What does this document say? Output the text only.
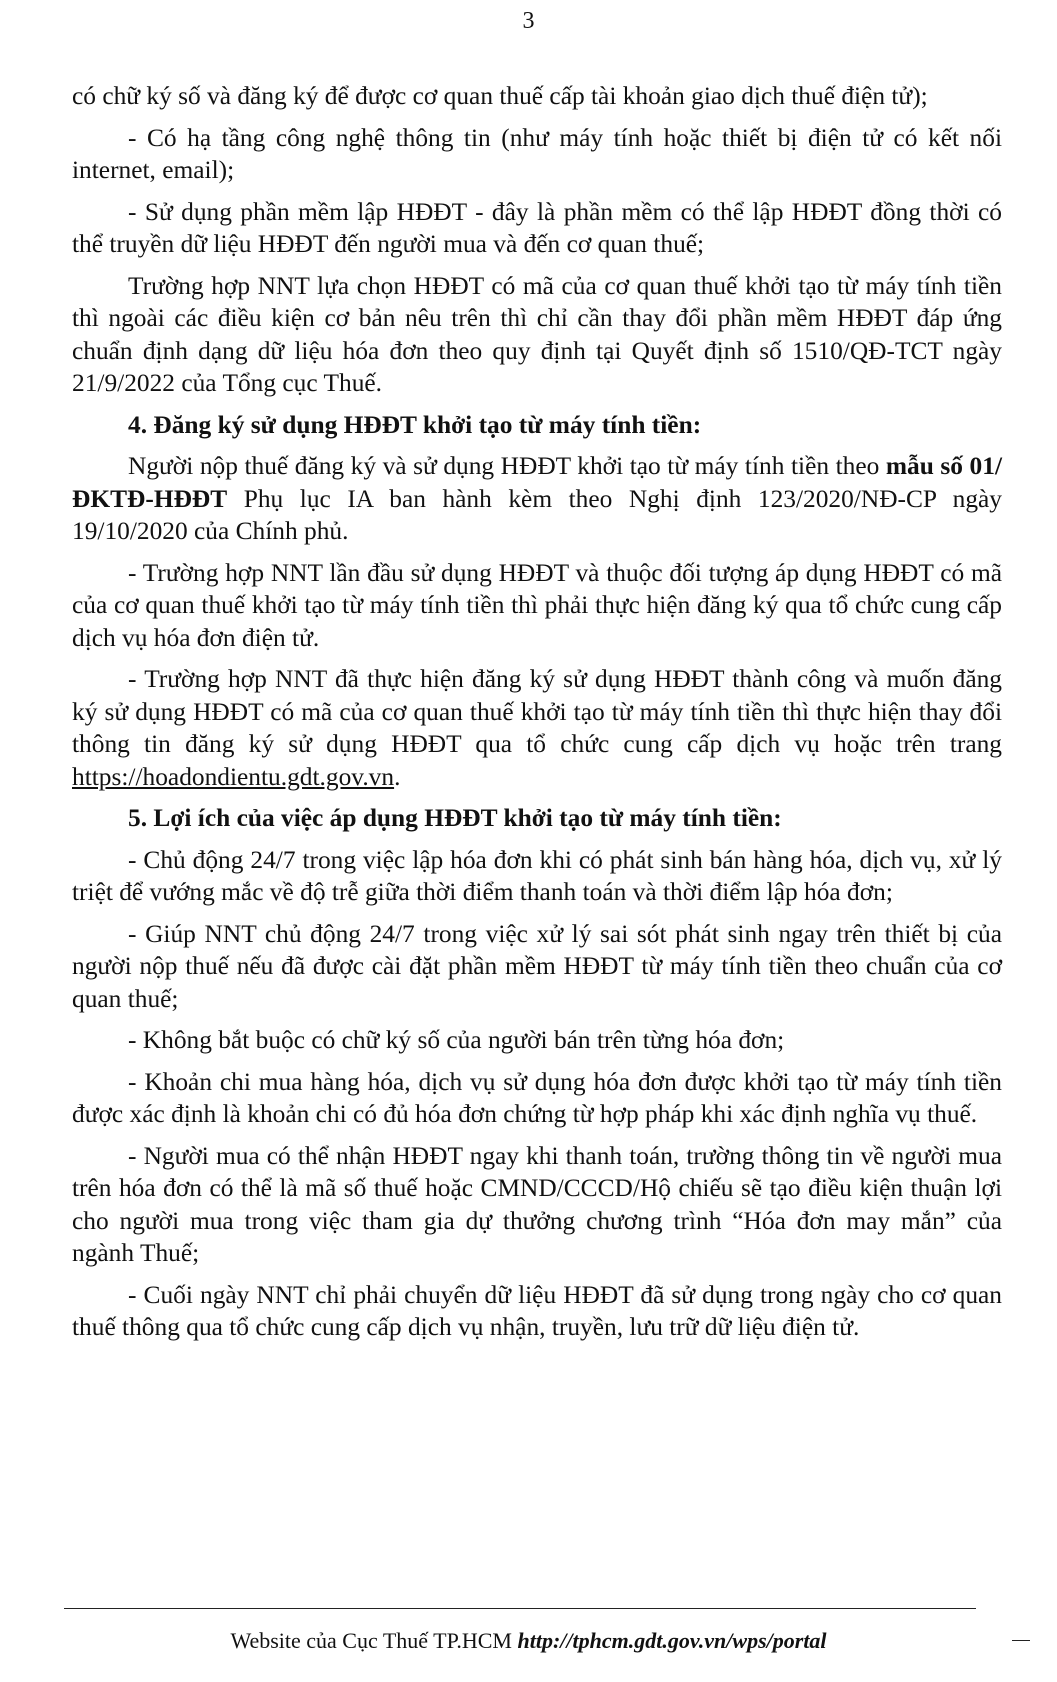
3

có chữ ký số và đăng ký để được cơ quan thuế cấp tài khoản giao dịch thuế điện tử);

- Có hạ tầng công nghệ thông tin (như máy tính hoặc thiết bị điện tử có kết nối internet, email);

- Sử dụng phần mềm lập HĐĐT - đây là phần mềm có thể lập HĐĐT đồng thời có thể truyền dữ liệu HĐĐT đến người mua và đến cơ quan thuế;

Trường hợp NNT lựa chọn HĐĐT có mã của cơ quan thuế khởi tạo từ máy tính tiền thì ngoài các điều kiện cơ bản nêu trên thì chỉ cần thay đổi phần mềm HĐĐT đáp ứng chuẩn định dạng dữ liệu hóa đơn theo quy định tại Quyết định số 1510/QĐ-TCT ngày 21/9/2022 của Tổng cục Thuế.

4. Đăng ký sử dụng HĐĐT khởi tạo từ máy tính tiền:

Người nộp thuế đăng ký và sử dụng HĐĐT khởi tạo từ máy tính tiền theo mẫu số 01/ĐKTĐ-HĐĐT Phụ lục IA ban hành kèm theo Nghị định 123/2020/NĐ-CP ngày 19/10/2020 của Chính phủ.

- Trường hợp NNT lần đầu sử dụng HĐĐT và thuộc đối tượng áp dụng HĐĐT có mã của cơ quan thuế khởi tạo từ máy tính tiền thì phải thực hiện đăng ký qua tổ chức cung cấp dịch vụ hóa đơn điện tử.

- Trường hợp NNT đã thực hiện đăng ký sử dụng HĐĐT thành công và muốn đăng ký sử dụng HĐĐT có mã của cơ quan thuế khởi tạo từ máy tính tiền thì thực hiện thay đổi thông tin đăng ký sử dụng HĐĐT qua tổ chức cung cấp dịch vụ hoặc trên trang https://hoadondientu.gdt.gov.vn.

5. Lợi ích của việc áp dụng HĐĐT khởi tạo từ máy tính tiền:

- Chủ động 24/7 trong việc lập hóa đơn khi có phát sinh bán hàng hóa, dịch vụ, xử lý triệt để vướng mắc về độ trễ giữa thời điểm thanh toán và thời điểm lập hóa đơn;

- Giúp NNT chủ động 24/7 trong việc xử lý sai sót phát sinh ngay trên thiết bị của người nộp thuế nếu đã được cài đặt phần mềm HĐĐT từ máy tính tiền theo chuẩn của cơ quan thuế;

- Không bắt buộc có chữ ký số của người bán trên từng hóa đơn;

- Khoản chi mua hàng hóa, dịch vụ sử dụng hóa đơn được khởi tạo từ máy tính tiền được xác định là khoản chi có đủ hóa đơn chứng từ hợp pháp khi xác định nghĩa vụ thuế.

- Người mua có thể nhận HĐĐT ngay khi thanh toán, trường thông tin về người mua trên hóa đơn có thể là mã số thuế hoặc CMND/CCCD/Hộ chiếu sẽ tạo điều kiện thuận lợi cho người mua trong việc tham gia dự thưởng chương trình “Hóa đơn may mắn” của ngành Thuế;

- Cuối ngày NNT chỉ phải chuyển dữ liệu HĐĐT đã sử dụng trong ngày cho cơ quan thuế thông qua tổ chức cung cấp dịch vụ nhận, truyền, lưu trữ dữ liệu điện tử.

Website của Cục Thuế TP.HCM http://tphcm.gdt.gov.vn/wps/portal
